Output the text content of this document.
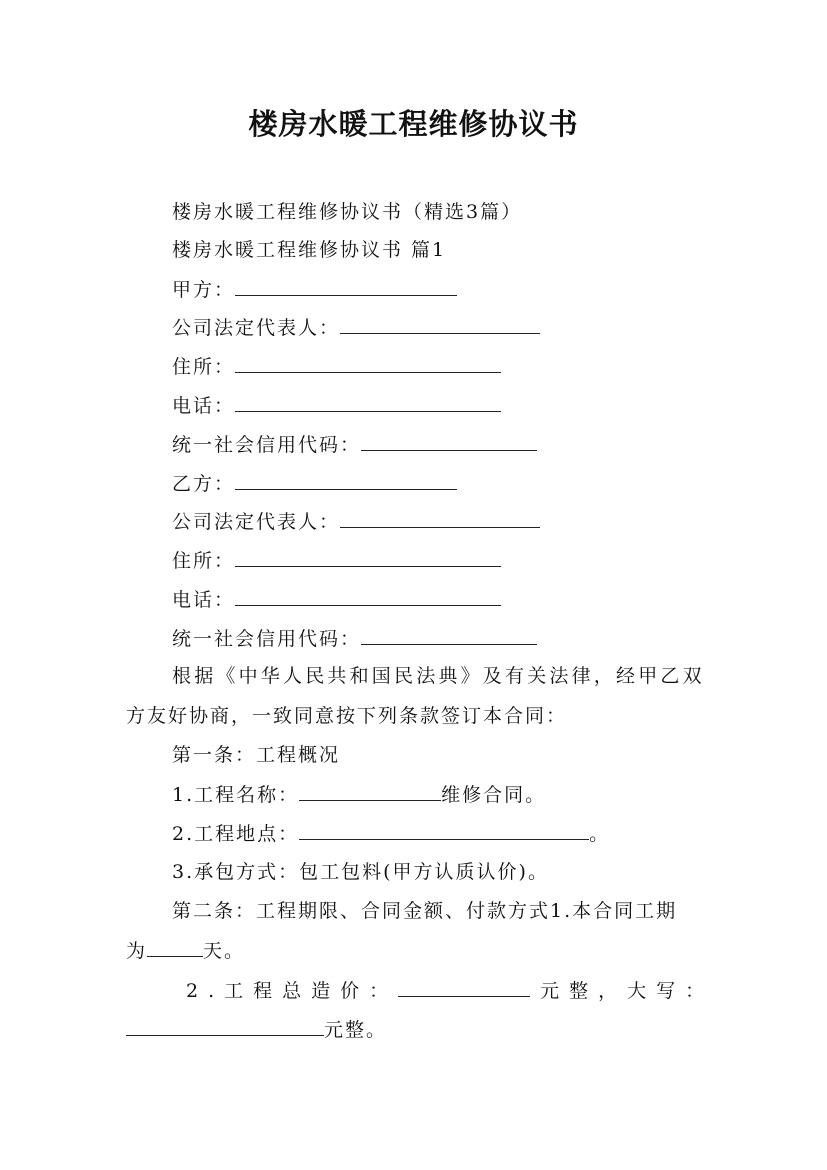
楼房水暖工程维修协议书
楼房水暖工程维修协议书（精选3篇）
楼房水暖工程维修协议书 篇1
甲方：
公司法定代表人：
住所：
电话：
统一社会信用代码：
乙方：
公司法定代表人：
住所：
电话：
统一社会信用代码：
根据《中华人民共和国民法典》及有关法律，经甲乙双
方友好协商，一致同意按下列条款签订本合同：
第一条：工程概况
1.工程名称：	维修合同。
2.工程地点：	。
3.承包方式：包工包料(甲方认质认价)。
第二条：工程期限、合同金额、付款方式1.本合同工期
为	天。
2.工程总造价：	元整，大写：
元整。
